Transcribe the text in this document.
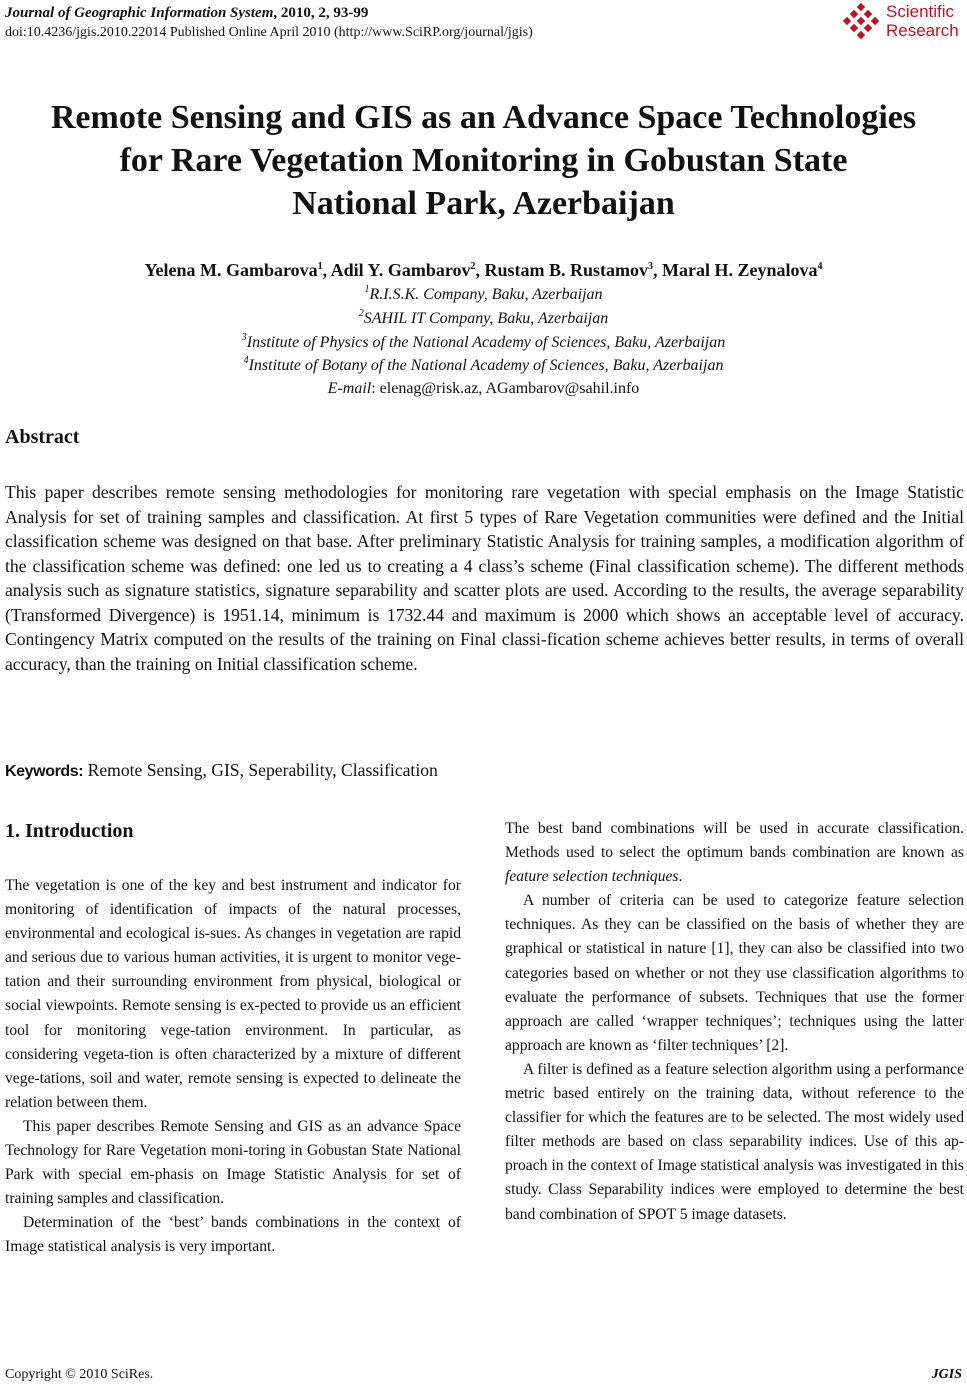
Journal of Geographic Information System, 2010, 2, 93-99
doi:10.4236/jgis.2010.22014 Published Online April 2010 (http://www.SciRP.org/journal/jgis)
Scientific
Research
Remote Sensing and GIS as an Advance Space Technologies
for Rare Vegetation Monitoring in Gobustan State
National Park, Azerbaijan
Yelena M. Gambarova$^1$, Adil Y. Gambarov$^2$, Rustam B. Rustamov$^3$, Maral H. Zeynalova$^4$
$^1$R.I.S.K. Company, Baku, Azerbaijan
$^2$SAHIL IT Company, Baku, Azerbaijan
$^3$Institute of Physics of the National Academy of Sciences, Baku, Azerbaijan
$^4$Institute of Botany of the National Academy of Sciences, Baku, Azerbaijan
E-mail: elenag@risk.az, AGambarov@sahil.info
Abstract

This paper describes remote sensing methodologies for monitoring rare vegetation with special emphasis on the Image Statistic Analysis for set of training samples and classification. At first 5 types of Rare Vegetation communities were defined and the Initial classification scheme was designed on that base. After preliminary Statistic Analysis for training samples, a modification algorithm of the classification scheme was defined: one led us to creating a 4 class’s scheme (Final classification scheme). The different methods analysis such as signature statistics, signature separability and scatter plots are used. According to the results, the average separability (Transformed Divergence) is 1951.14, minimum is 1732.44 and maximum is 2000 which shows an acceptable level of accuracy. Contingency Matrix computed on the results of the training on Final classi-fication scheme achieves better results, in terms of overall accuracy, than the training on Initial classification scheme.

Keywords: Remote Sensing, GIS, Seperability, Classification
1. Introduction

The vegetation is one of the key and best instrument and indicator for monitoring of identification of impacts of the natural processes, environmental and ecological is-sues. As changes in vegetation are rapid and serious due to various human activities, it is urgent to monitor vege-tation and their surrounding environment from physical, biological or social viewpoints. Remote sensing is ex-pected to provide us an efficient tool for monitoring vege-tation environment. In particular, as considering vegeta-tion is often characterized by a mixture of different vege-tations, soil and water, remote sensing is expected to delineate the relation between them.

This paper describes Remote Sensing and GIS as an advance Space Technology for Rare Vegetation moni-toring in Gobustan State National Park with special em-phasis on Image Statistic Analysis for set of training samples and classification.

Determination of the ‘best’ bands combinations in the context of Image statistical analysis is very important.

The best band combinations will be used in accurate classification. Methods used to select the optimum bands combination are known as feature selection techniques.

A number of criteria can be used to categorize feature selection techniques. As they can be classified on the basis of whether they are graphical or statistical in nature [1], they can also be classified into two categories based on whether or not they use classification algorithms to evaluate the performance of subsets. Techniques that use the former approach are called ‘wrapper techniques’; techniques using the latter approach are known as ‘filter techniques’ [2].

A filter is defined as a feature selection algorithm using a performance metric based entirely on the training data, without reference to the classifier for which the features are to be selected. The most widely used filter methods are based on class separability indices. Use of this ap-proach in the context of Image statistical analysis was investigated in this study. Class Separability indices were employed to determine the best band combination of SPOT 5 image datasets.

Copyright © 2010 SciRes.	JGIS
